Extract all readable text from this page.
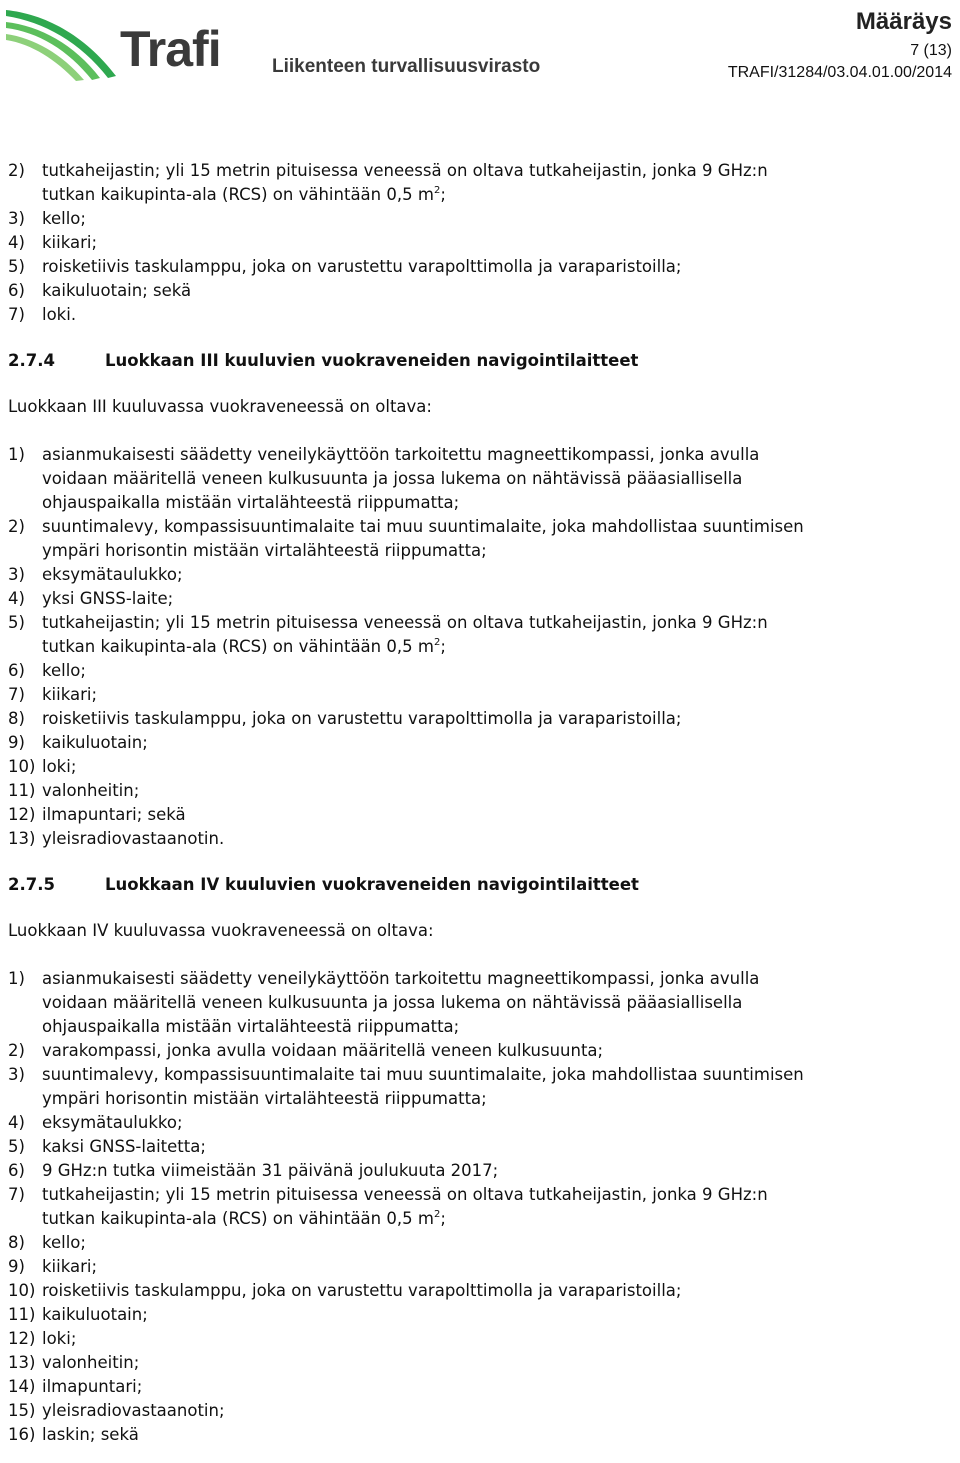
Trafi	Liikenteen turvallisuusvirasto
Määräys
7 (13)
TRAFI/31284/03.04.01.00/2014
2)	tutkaheijastin; yli 15 metrin pituisessa veneessä on oltava tutkaheijastin, jonka 9 GHz:n
tutkan kaikupinta-ala (RCS) on vähintään 0,5 $m^2$;
3)	kello;
4)	kiikari;
5)	roisketiivis taskulamppu, joka on varustettu varapolttimolla ja varaparistoilla;
6)	kaikuluotain; sekä
7)	loki.
2.7.4	Luokkaan III kuuluvien vuokraveneiden navigointilaitteet
Luokkaan III kuuluvassa vuokraveneessä on oltava:
1)	asianmukaisesti säädetty veneilykäyttöön tarkoitettu magneettikompassi, jonka avulla
voidaan määritellä veneen kulkusuunta ja jossa lukema on nähtävissä pääasiallisella
ohjauspaikalla mistään virtalähteestä riippumatta;
2)	suuntimalevy, kompassisuuntimalaite tai muu suuntimalaite, joka mahdollistaa suuntimisen
ympäri horisontin mistään virtalähteestä riippumatta;
3)	eksymätaulukko;
4)	yksi GNSS-laite;
5)	tutkaheijastin; yli 15 metrin pituisessa veneessä on oltava tutkaheijastin, jonka 9 GHz:n
tutkan kaikupinta-ala (RCS) on vähintään 0,5 $m^2$;
6)	kello;
7)	kiikari;
8)	roisketiivis taskulamppu, joka on varustettu varapolttimolla ja varaparistoilla;
9)	kaikuluotain;
10) loki;
11) valonheitin;
12) ilmapuntari; sekä
13) yleisradiovastaanotin.
2.7.5	Luokkaan IV kuuluvien vuokraveneiden navigointilaitteet
Luokkaan IV kuuluvassa vuokraveneessä on oltava:
1)	asianmukaisesti säädetty veneilykäyttöön tarkoitettu magneettikompassi, jonka avulla
voidaan määritellä veneen kulkusuunta ja jossa lukema on nähtävissä pääasiallisella
ohjauspaikalla mistään virtalähteestä riippumatta;
2)	varakompassi, jonka avulla voidaan määritellä veneen kulkusuunta;
3)	suuntimalevy, kompassisuuntimalaite tai muu suuntimalaite, joka mahdollistaa suuntimisen
ympäri horisontin mistään virtalähteestä riippumatta;
4)	eksymätaulukko;
5)	kaksi GNSS-laitetta;
6)	9 GHz:n tutka viimeistään 31 päivänä joulukuuta 2017;
7)	tutkaheijastin; yli 15 metrin pituisessa veneessä on oltava tutkaheijastin, jonka 9 GHz:n
tutkan kaikupinta-ala (RCS) on vähintään 0,5 $m^2$;
8)	kello;
9)	kiikari;
10) roisketiivis taskulamppu, joka on varustettu varapolttimolla ja varaparistoilla;
11) kaikuluotain;
12) loki;
13) valonheitin;
14) ilmapuntari;
15) yleisradiovastaanotin;
16) laskin; sekä
